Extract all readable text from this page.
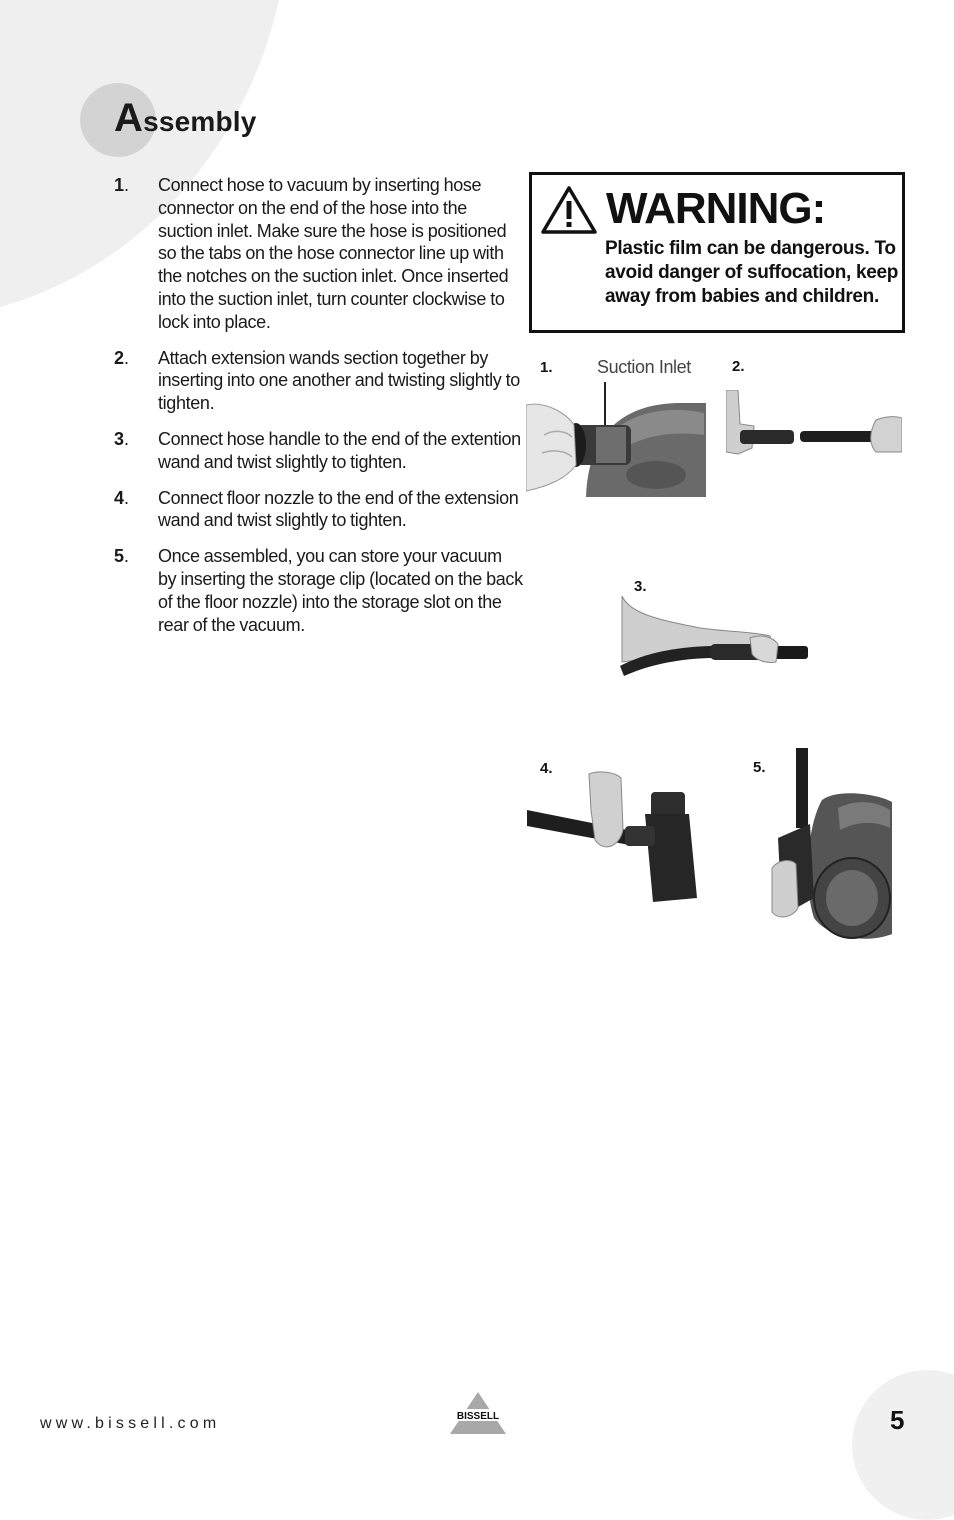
Assembly
1.	Connect hose to vacuum by inserting hose connector on the end of the hose into the suction inlet. Make sure the hose is positioned so the tabs on the hose connector line up with the notches on the suction inlet. Once inserted into the suction inlet, turn counter clockwise to lock into place.
2.	Attach extension wands section together by inserting into one another and twisting slightly to tighten.
3.	Connect hose handle to the end of the extention wand and twist slightly to tighten.
4.	Connect floor nozzle to the end of the extension wand and twist slightly to tighten.
5.	Once assembled, you can store your vacuum by inserting the storage clip (located on the back of the floor nozzle) into the storage slot on the rear of the vacuum.
WARNING:
Plastic film can be dangerous. To avoid danger of suffocation, keep away from babies and children.
1. Suction Inlet	2.
3.
4.	5.
www.bissell.com	BISSELL	5
